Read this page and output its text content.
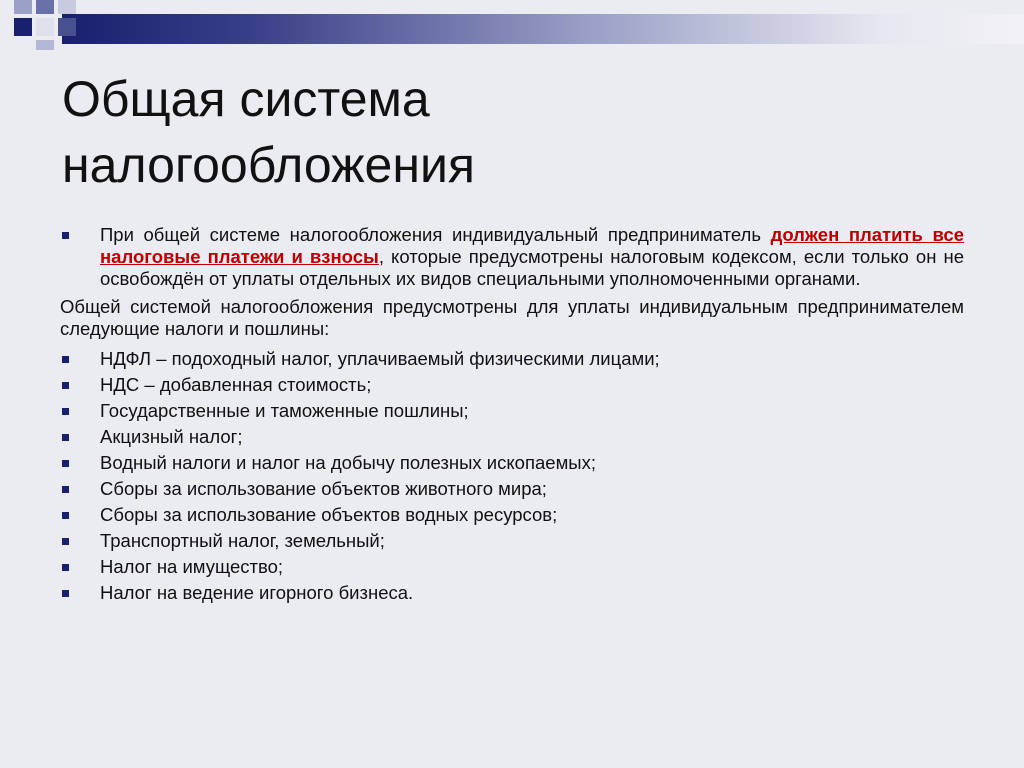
Общая система
налогообложения
При общей системе налогообложения индивидуальный предприниматель должен платить все налоговые платежи и взносы, которые предусмотрены налоговым кодексом, если только он не освобождён от уплаты отдельных их видов специальными уполномоченными органами.
Общей системой налогообложения предусмотрены для уплаты индивидуальным предпринимателем следующие налоги и пошлины:
НДФЛ – подоходный налог, уплачиваемый физическими лицами;
НДС – добавленная стоимость;
Государственные и таможенные пошлины;
Акцизный налог;
Водный налоги и налог на добычу полезных ископаемых;
Сборы за использование объектов животного мира;
Сборы за использование объектов водных ресурсов;
Транспортный налог, земельный;
Налог на имущество;
Налог на ведение игорного бизнеса.
